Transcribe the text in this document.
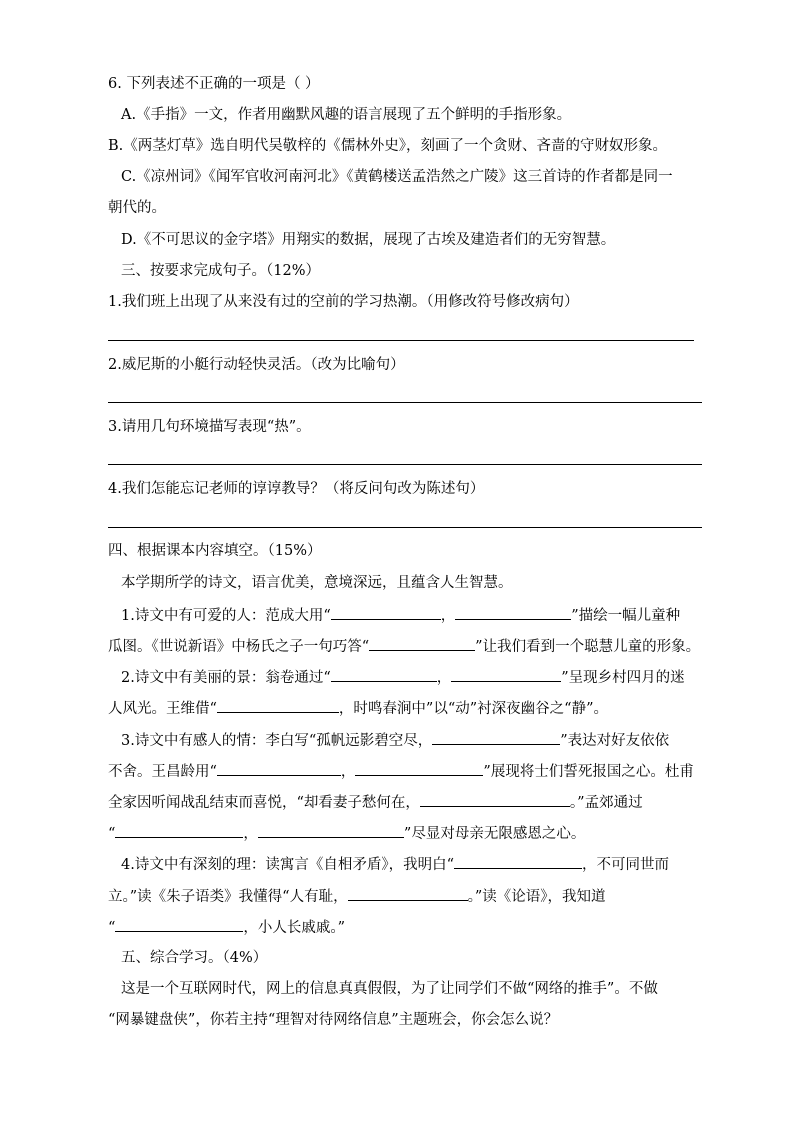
6. 下列表述不正确的一项是（ ）
A.《手指》一文，作者用幽默风趣的语言展现了五个鲜明的手指形象。
B.《两茎灯草》选自明代吴敬梓的《儒林外史》，刻画了一个贪财、吝啬的守财奴形象。
C.《凉州词》《闻军官收河南河北》《黄鹤楼送孟浩然之广陵》这三首诗的作者都是同一
朝代的。
D.《不可思议的金字塔》用翔实的数据，展现了古埃及建造者们的无穷智慧。
三、按要求完成句子。（12%）
1.我们班上出现了从来没有过的空前的学习热潮。（用修改符号修改病句）
2.威尼斯的小艇行动轻快灵活。（改为比喻句）
3.请用几句环境描写表现“热”。
4.我们怎能忘记老师的谆谆教导？（将反问句改为陈述句）
四、根据课本内容填空。（15%）
本学期所学的诗文，语言优美，意境深远，且蕴含人生智慧。
1.诗文中有可爱的人：范成大用“	，	”描绘一幅儿童种
瓜图。《世说新语》中杨氏之子一句巧答“	”让我们看到一个聪慧儿童的形象。
2.诗文中有美丽的景：翁卷通过“	，	”呈现乡村四月的迷
人风光。王维借“	，时鸣春涧中”以“动”衬深夜幽谷之“静”。
3.诗文中有感人的情：李白写“孤帆远影碧空尽，	”表达对好友依依
不舍。王昌龄用“	，	”展现将士们誓死报国之心。杜甫
全家因听闻战乱结束而喜悦，“却看妻子愁何在，	。”孟郊通过
“	，	”尽显对母亲无限感恩之心。
4.诗文中有深刻的理：读寓言《自相矛盾》，我明白“	，不可同世而
立。”读《朱子语类》我懂得“人有耻，	。”读《论语》，我知道
“	，小人长戚戚。”
五、综合学习。（4%）
这是一个互联网时代，网上的信息真真假假，为了让同学们不做“网络的推手”。不做
“网暴键盘侠”，你若主持“理智对待网络信息”主题班会，你会怎么说？
